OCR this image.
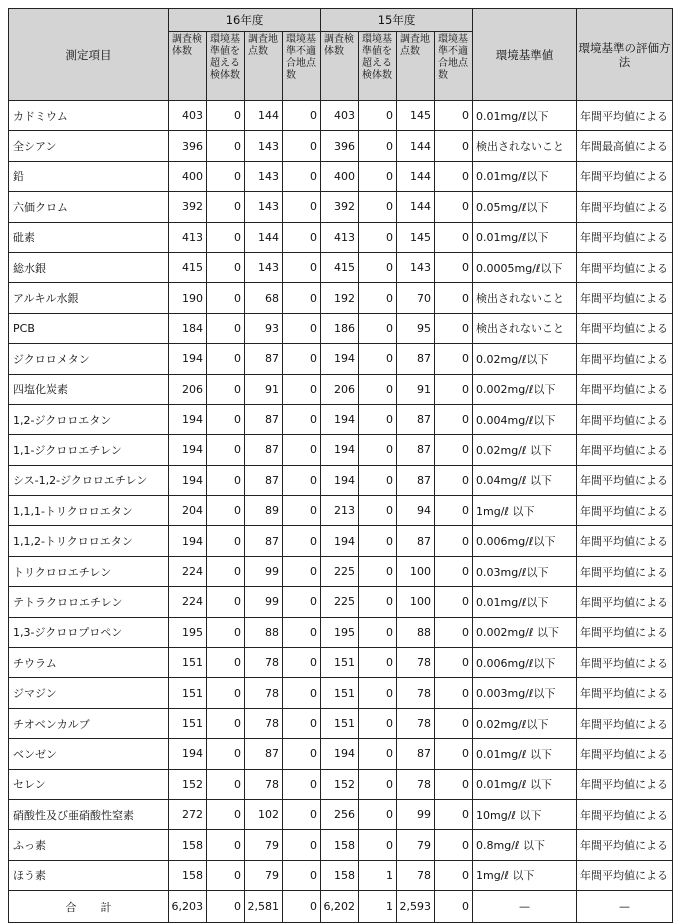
測定項目	16年度				15年度				環境基準値	環境基準の評価方法
	調査検体数	環境基準値を超える検体数	調査地点数	環境基準不適合地点数	調査検体数	環境基準値を超える検体数	調査地点数	環境基準不適合地点数		
カドミウム	403	0	144	0	403	0	145	0	0.01mg/ℓ以下	年間平均値による
全シアン	396	0	143	0	396	0	144	0	検出されないこと	年間最高値による
鉛	400	0	143	0	400	0	144	0	0.01mg/ℓ以下	年間平均値による
六価クロム	392	0	143	0	392	0	144	0	0.05mg/ℓ以下	年間平均値による
砒素	413	0	144	0	413	0	145	0	0.01mg/ℓ以下	年間平均値による
総水銀	415	0	143	0	415	0	143	0	0.0005mg/ℓ以下	年間平均値による
アルキル水銀	190	0	68	0	192	0	70	0	検出されないこと	年間平均値による
PCB	184	0	93	0	186	0	95	0	検出されないこと	年間平均値による
ジクロロメタン	194	0	87	0	194	0	87	0	0.02mg/ℓ以下	年間平均値による
四塩化炭素	206	0	91	0	206	0	91	0	0.002mg/ℓ以下	年間平均値による
1,2-ジクロロエタン	194	0	87	0	194	0	87	0	0.004mg/ℓ以下	年間平均値による
1,1-ジクロロエチレン	194	0	87	0	194	0	87	0	0.02mg/ℓ 以下	年間平均値による
シス-1,2-ジクロロエチレン	194	0	87	0	194	0	87	0	0.04mg/ℓ 以下	年間平均値による
1,1,1-トリクロロエタン	204	0	89	0	213	0	94	0	1mg/ℓ 以下	年間平均値による
1,1,2-トリクロロエタン	194	0	87	0	194	0	87	0	0.006mg/ℓ以下	年間平均値による
トリクロロエチレン	224	0	99	0	225	0	100	0	0.03mg/ℓ以下	年間平均値による
テトラクロロエチレン	224	0	99	0	225	0	100	0	0.01mg/ℓ以下	年間平均値による
1,3-ジクロロプロペン	195	0	88	0	195	0	88	0	0.002mg/ℓ 以下	年間平均値による
チウラム	151	0	78	0	151	0	78	0	0.006mg/ℓ以下	年間平均値による
ジマジン	151	0	78	0	151	0	78	0	0.003mg/ℓ以下	年間平均値による
チオベンカルブ	151	0	78	0	151	0	78	0	0.02mg/ℓ以下	年間平均値による
ベンゼン	194	0	87	0	194	0	87	0	0.01mg/ℓ 以下	年間平均値による
セレン	152	0	78	0	152	0	78	0	0.01mg/ℓ 以下	年間平均値による
硝酸性及び亜硝酸性窒素	272	0	102	0	256	0	99	0	10mg/ℓ 以下	年間平均値による
ふっ素	158	0	79	0	158	0	79	0	0.8mg/ℓ 以下	年間平均値による
ほう素	158	0	79	0	158	1	78	0	1mg/ℓ 以下	年間平均値による
合計	6,203	0	2,581	0	6,202	1	2,593	0	—	—
